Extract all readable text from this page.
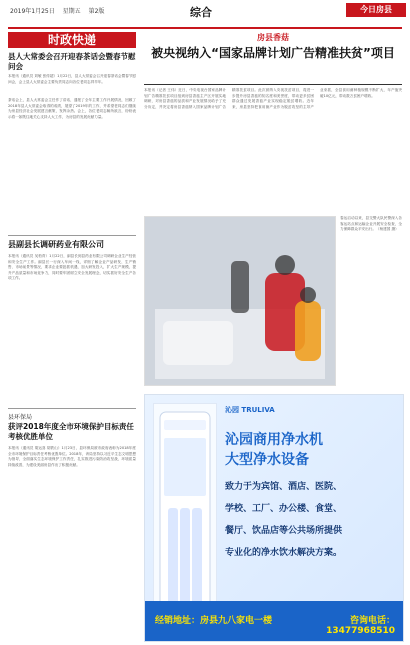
2019年1月25日 星期五 第2版	综合	今日房县
时政快递
县人大常委会召开迎春茶话会暨春节慰问会
本报讯（通讯员 刘敏 张传超）1月22日，县人大常委会召开迎春茶话会暨春节慰问会，会上县人大常委会主要负责同志向各位老同志拜早年。
茶话会上，县人大常委会主任作了讲话，通报了全年主要工作开展情况，回顾了2018年县人大常委会取得的成绩，展望了2019年的工作，并希望老同志们继续为房县经济社会发展建言献策，发挥余热。会上，各位老同志畅所欲言，纷纷表示将一如既往地关心支持人大工作，为房县的发展贡献力量。
县副县长调研药业有限公司
本报讯（通讯员 吴柏青）1月22日，副县长到县药业有限公司调研企业生产经营和安全生产工作。副县长一行深入车间一线，详细了解企业产品研发、生产销售、市场前景等情况，要求企业要抢抓机遇，加大研发投入，扩大生产规模，提升产品质量和市场竞争力，同时要牢固树立安全发展理念，切实抓好安全生产各项工作。
县环保局
获评2018年度全市环境保护目标责任考核优胜单位
本报讯（通讯员 胡运喜 胡铁山）1月23日，县环保局被市政府表彰为2018年度全市环境保护目标责任考核优胜单位。2018年，该局坚持以习近平生态文明思想为指导，全面落实生态环境保护工作责任，扎实推进污染防治攻坚战，环境质量持续改善，为建设美丽房县作出了积极贡献。
房县香菇
被央视纳入“国家品牌计划广告精准扶贫”项目
本报讯（记者 王伟）近日，中央电视台国家品牌计划广告精准扶贫项目组到房县香菇主产区开展实地调研，对房县香菇的品质和产业发展情况给予了充分肯定，并决定将房县香菇纳入国家品牌计划广告精准扶贫项目。此次被纳入央视扶贫项目，将进一步提升房县香菇的知名度和美誉度，带动更多贫困群众通过发展香菇产业实现稳定脱贫增收。近年来，房县坚持把食用菌产业作为脱贫攻坚的主导产业来抓，全县食用菌种植规模不断扩大，年产值突破10亿元，带动数万贫困户增收。
春运启动以来，县交警大队民警深入各客运站点和运输企业开展安全检查，全力保障群众平安出行。（杨建国 摄）
沁园 TRULIVA
沁园商用净水机
大型净水设备
致力于为宾馆、酒店、医院、
学校、工厂、办公楼、食堂、
餐厅、饮品店等公共场所提供
专业化的净水饮水解决方案。
经销地址：房县九八家电一楼	咨询电话：13477968510
